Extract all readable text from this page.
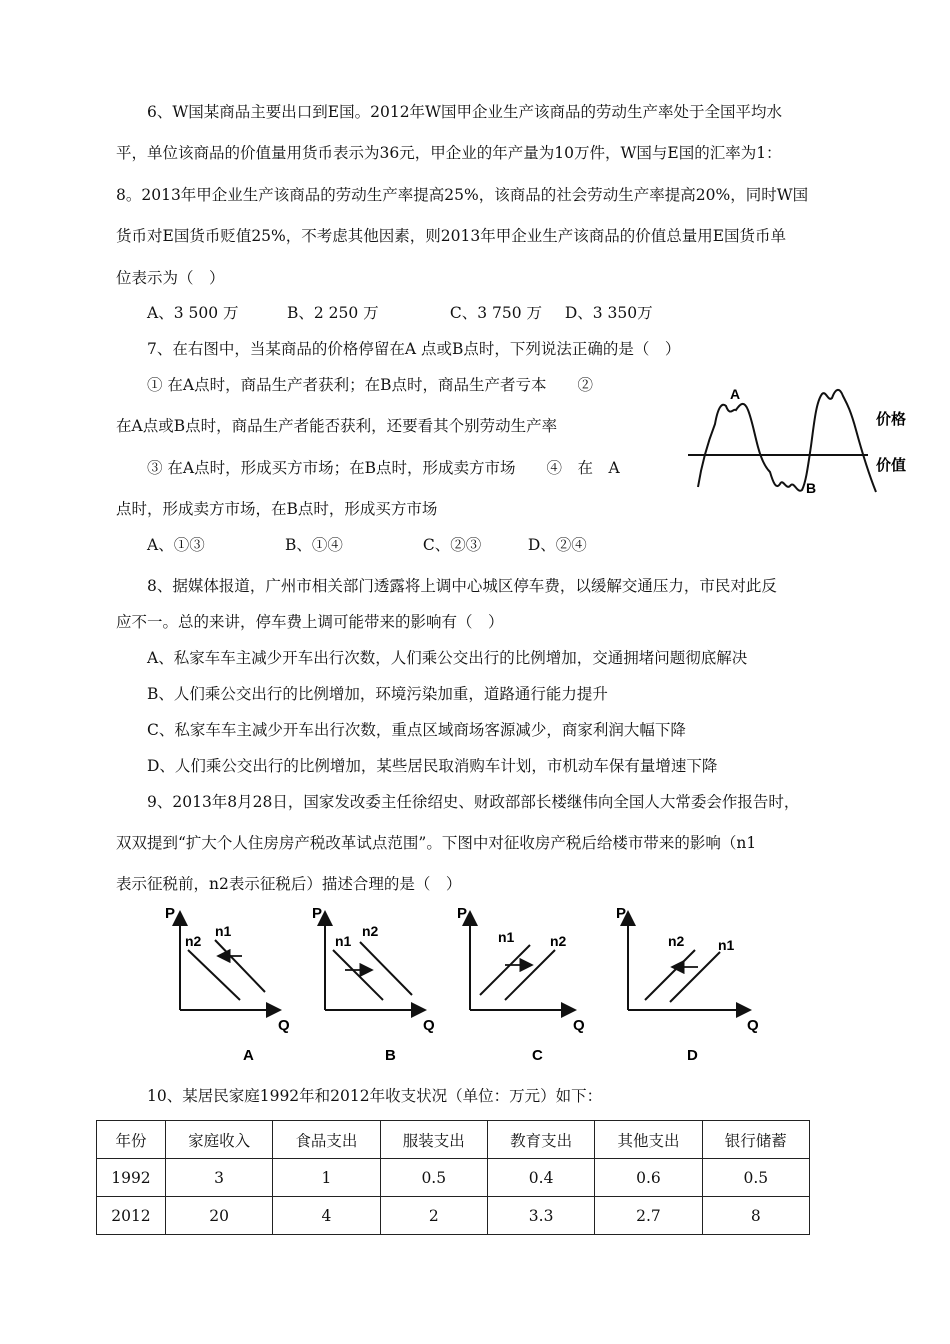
6、W国某商品主要出口到E国。2012年W国甲企业生产该商品的劳动生产率处于全国平均水
平，单位该商品的价值量用货币表示为36元，甲企业的年产量为10万件，W国与E国的汇率为1：
8。2013年甲企业生产该商品的劳动生产率提高25%，该商品的社会劳动生产率提高20%，同时W国
货币对E国货币贬值25%，不考虑其他因素，则2013年甲企业生产该商品的价值总量用E国货币单
位表示为（　）
A、3 500 万	B、2 250 万	C、3 750 万 D、3 350万
7、在右图中，当某商品的价格停留在A 点或B点时，下列说法正确的是（　）
① 在A点时，商品生产者获利；在B点时，商品生产者亏本　　②
在A点或B点时，商品生产者能否获利，还要看其个别劳动生产率
③ 在A点时，形成买方市场；在B点时，形成卖方市场　　④　在　A
点时，形成卖方市场，在B点时，形成买方市场
A、①③	B、①④	C、②③	D、②④
A
B
价格
价值
8、据媒体报道，广州市相关部门透露将上调中心城区停车费，以缓解交通压力，市民对此反
应不一。总的来讲，停车费上调可能带来的影响有（　）
A、私家车车主减少开车出行次数，人们乘公交出行的比例增加，交通拥堵问题彻底解决
B、人们乘公交出行的比例增加，环境污染加重，道路通行能力提升
C、私家车车主减少开车出行次数，重点区域商场客源减少，商家利润大幅下降
D、人们乘公交出行的比例增加，某些居民取消购车计划，市机动车保有量增速下降
9、2013年8月28日，国家发改委主任徐绍史、财政部部长楼继伟向全国人大常委会作报告时，
双双提到“扩大个人住房房产税改革试点范围”。下图中对征收房产税后给楼市带来的影响（n1
表示征税前，n2表示征税后）描述合理的是（　）
P
Q
n2
n1
A
P
Q
n1
n2
B
P
Q
n1	n2
C
P
Q
n2 n1
D
10、某居民家庭1992年和2012年收支状况（单位：万元）如下：
年份	家庭收入	食品支出	服装支出	教育支出	其他支出	银行储蓄
1992	3	1	0.5	0.4	0.6	0.5
2012	20	4	2	3.3	2.7	8
